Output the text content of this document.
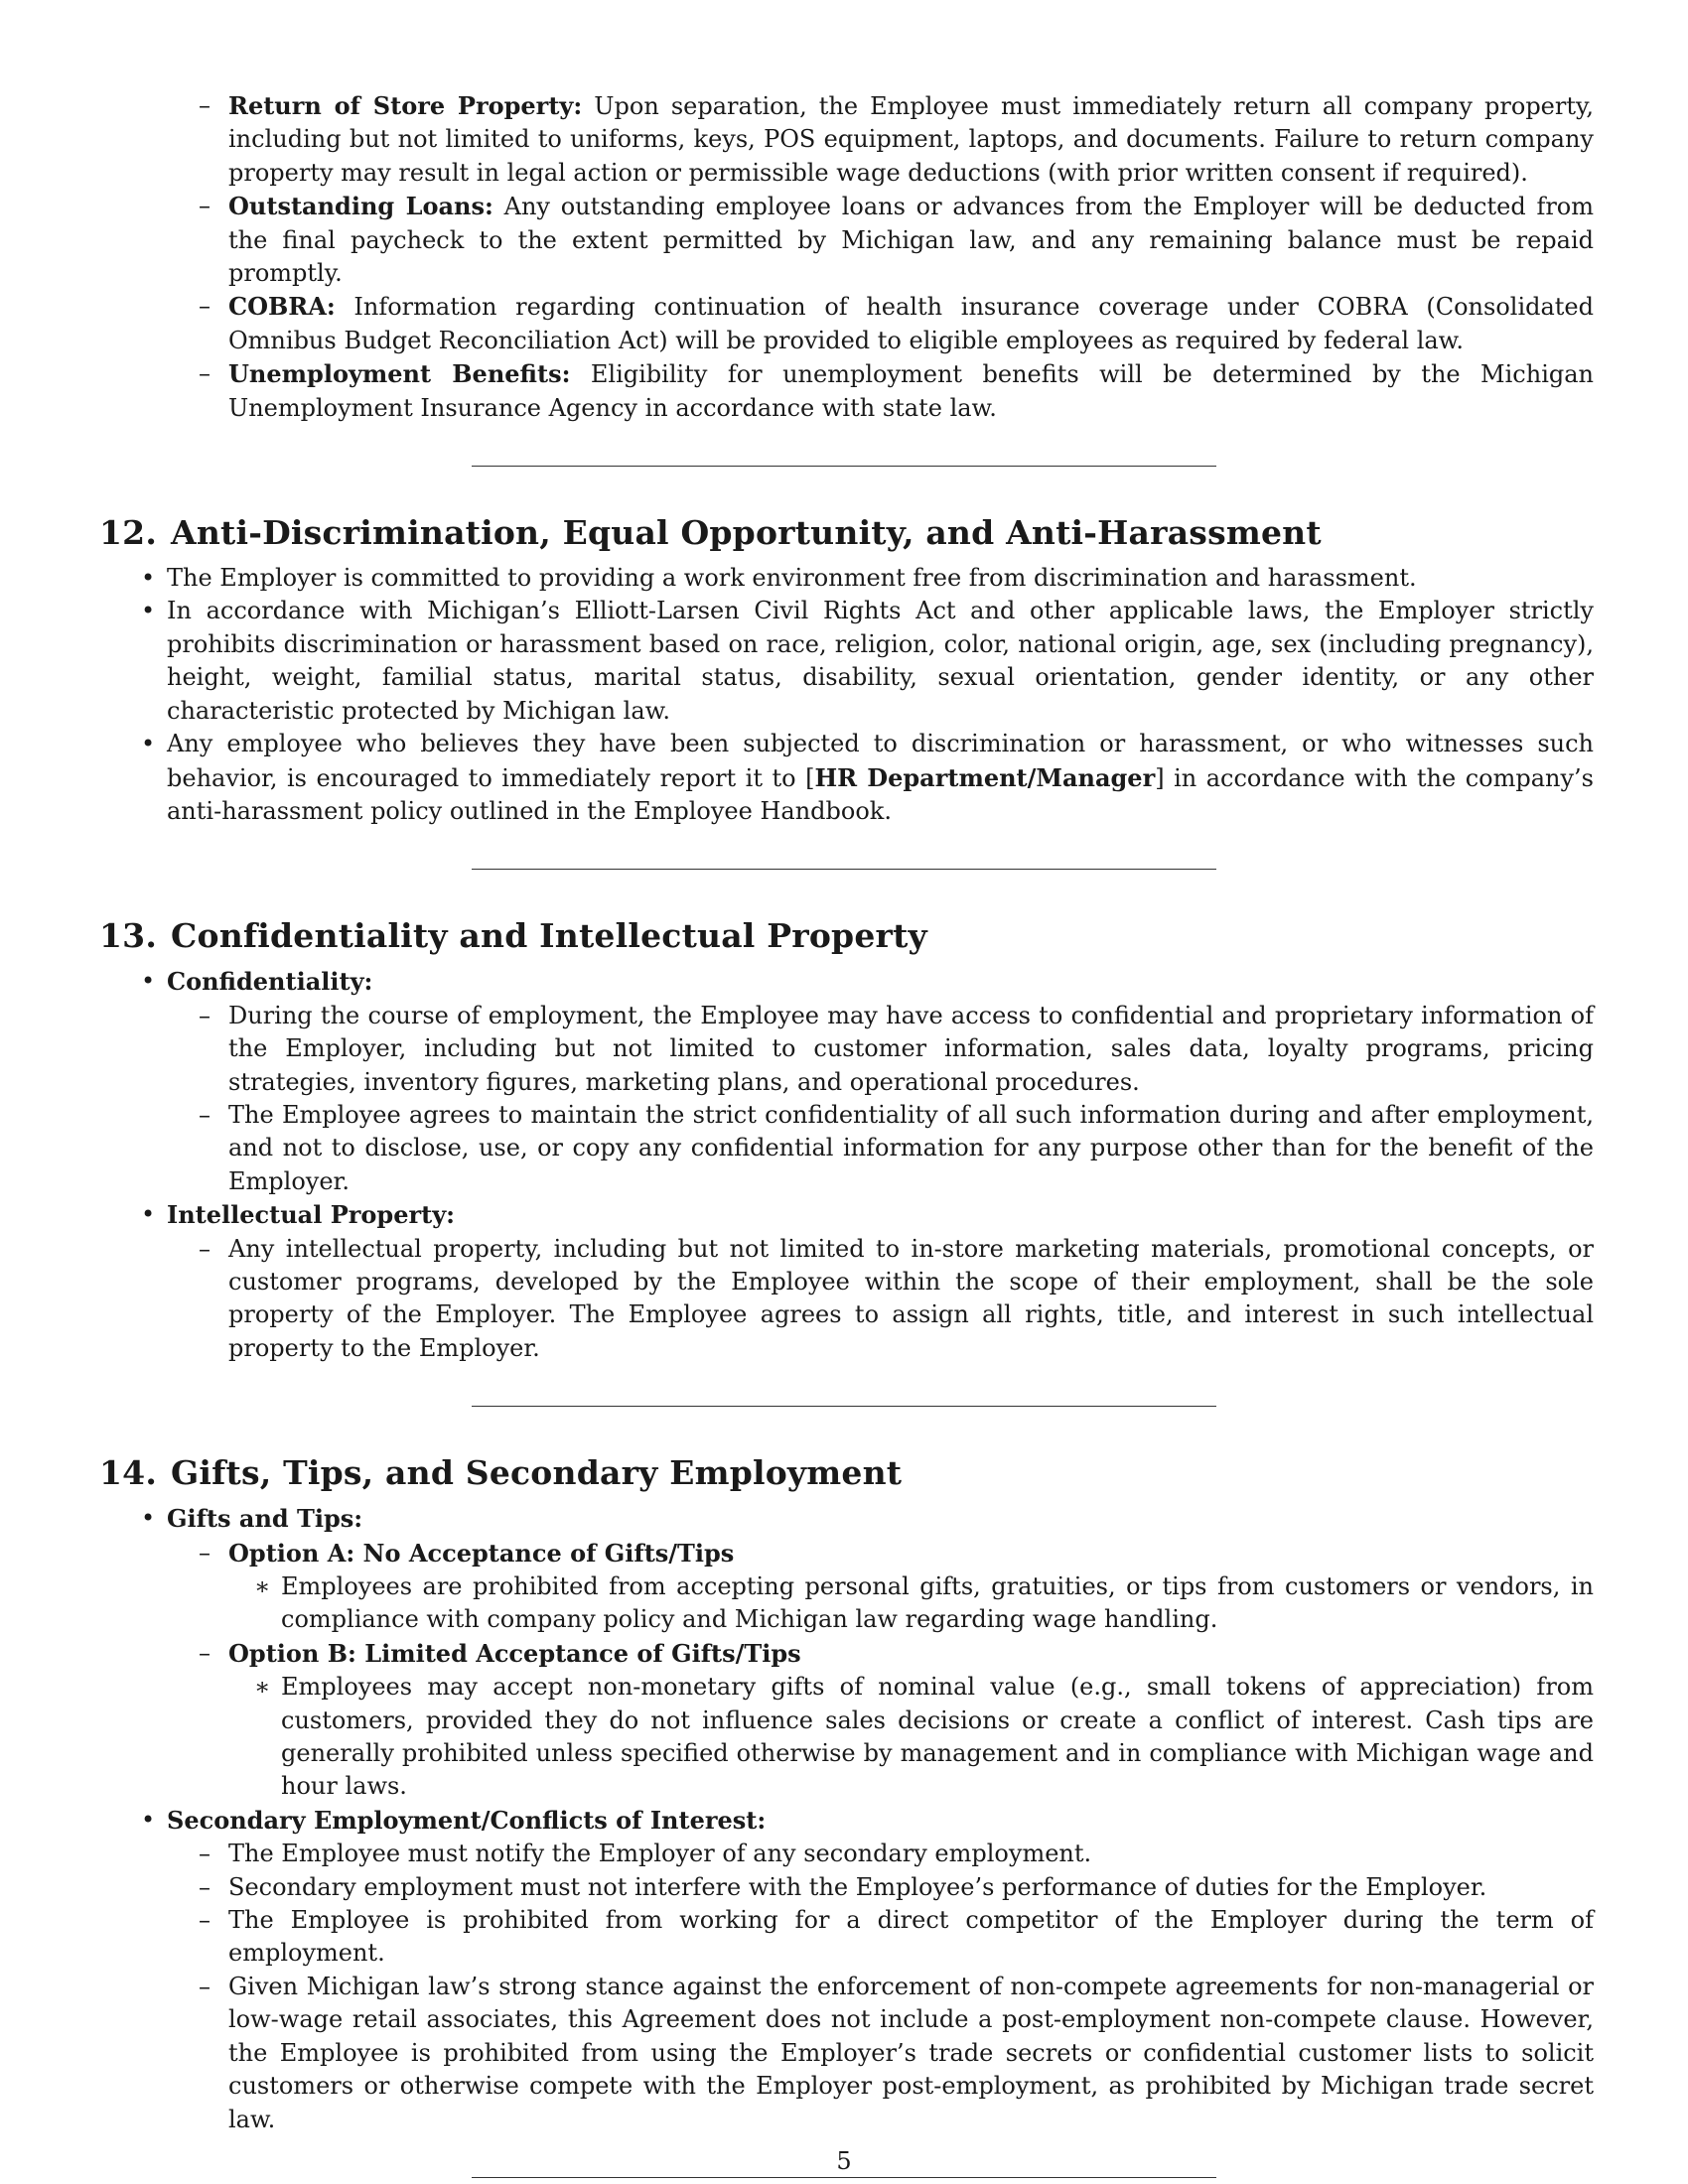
– Return of Store Property: Upon separation, the Employee must immediately return all company property, including but not limited to uniforms, keys, POS equipment, laptops, and documents. Failure to return company property may result in legal action or permissible wage deductions (with prior written consent if required).
– Outstanding Loans: Any outstanding employee loans or advances from the Employer will be deducted from the final paycheck to the extent permitted by Michigan law, and any remaining balance must be repaid promptly.
– COBRA: Information regarding continuation of health insurance coverage under COBRA (Consolidated Omnibus Budget Reconciliation Act) will be provided to eligible employees as required by federal law.
– Unemployment Benefits: Eligibility for unemployment benefits will be determined by the Michigan Unemployment Insurance Agency in accordance with state law.
12. Anti-Discrimination, Equal Opportunity, and Anti-Harassment
• The Employer is committed to providing a work environment free from discrimination and harassment.
• In accordance with Michigan’s Elliott-Larsen Civil Rights Act and other applicable laws, the Employer strictly prohibits discrimination or harassment based on race, religion, color, national origin, age, sex (including pregnancy), height, weight, familial status, marital status, disability, sexual orientation, gender identity, or any other characteristic protected by Michigan law.
• Any employee who believes they have been subjected to discrimination or harassment, or who witnesses such behavior, is encouraged to immediately report it to [HR Department/Manager] in accordance with the company’s anti-harassment policy outlined in the Employee Handbook.
13. Confidentiality and Intellectual Property
• Confidentiality:
– During the course of employment, the Employee may have access to confidential and proprietary information of the Employer, including but not limited to customer information, sales data, loyalty programs, pricing strategies, inventory figures, marketing plans, and operational procedures.
– The Employee agrees to maintain the strict confidentiality of all such information during and after employment, and not to disclose, use, or copy any confidential information for any purpose other than for the benefit of the Employer.
• Intellectual Property:
– Any intellectual property, including but not limited to in-store marketing materials, promotional concepts, or customer programs, developed by the Employee within the scope of their employment, shall be the sole property of the Employer. The Employee agrees to assign all rights, title, and interest in such intellectual property to the Employer.
14. Gifts, Tips, and Secondary Employment
• Gifts and Tips:
– Option A: No Acceptance of Gifts/Tips
∗ Employees are prohibited from accepting personal gifts, gratuities, or tips from customers or vendors, in compliance with company policy and Michigan law regarding wage handling.
– Option B: Limited Acceptance of Gifts/Tips
∗ Employees may accept non-monetary gifts of nominal value (e.g., small tokens of appreciation) from customers, provided they do not influence sales decisions or create a conflict of interest. Cash tips are generally prohibited unless specified otherwise by management and in compliance with Michigan wage and hour laws.
• Secondary Employment/Conflicts of Interest:
– The Employee must notify the Employer of any secondary employment.
– Secondary employment must not interfere with the Employee’s performance of duties for the Employer.
– The Employee is prohibited from working for a direct competitor of the Employer during the term of employment.
– Given Michigan law’s strong stance against the enforcement of non-compete agreements for non-managerial or low-wage retail associates, this Agreement does not include a post-employment non-compete clause. However, the Employee is prohibited from using the Employer’s trade secrets or confidential customer lists to solicit customers or otherwise compete with the Employer post-employment, as prohibited by Michigan trade secret law.
5
